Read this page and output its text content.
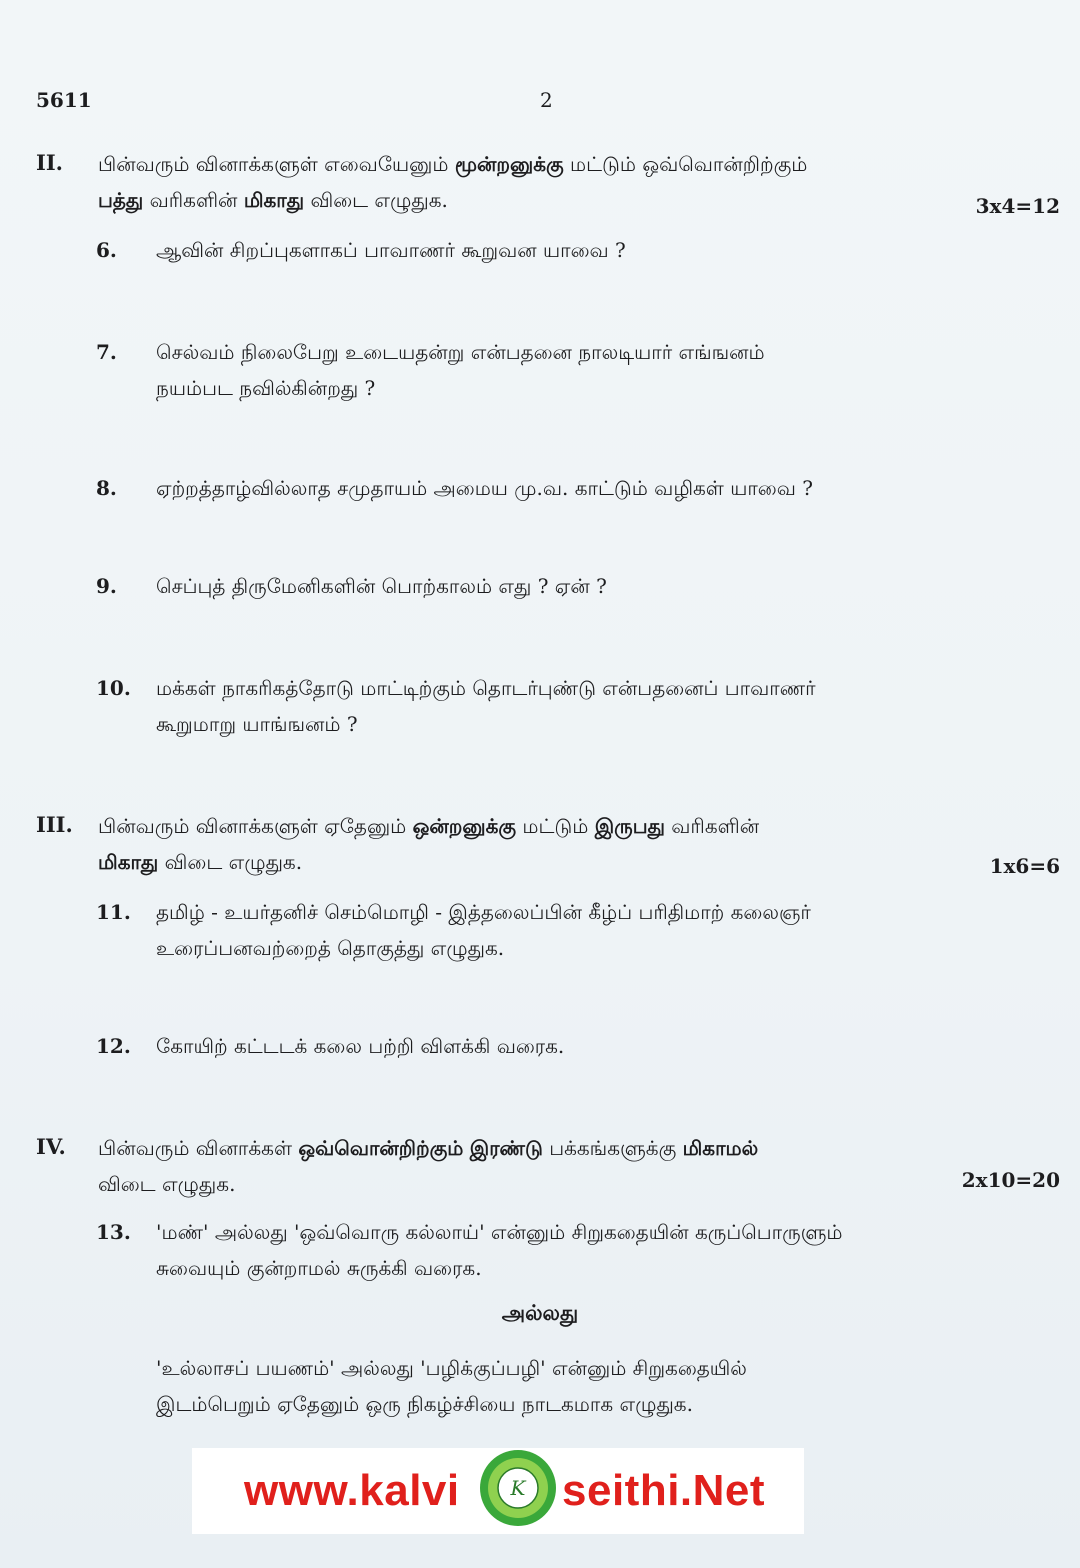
5611	2
II. பின்வரும் வினாக்களுள் எவையேனும் மூன்றனுக்கு மட்டும் ஒவ்வொன்றிற்கும்
பத்து வரிகளின் மிகாது விடை எழுதுக.	3x4=12
6. ஆவின் சிறப்புகளாகப் பாவாணர் கூறுவன யாவை ?
7. செல்வம் நிலைபேறு உடையதன்று என்பதனை நாலடியார் எங்ஙனம்
நயம்பட நவில்கின்றது ?
8. ஏற்றத்தாழ்வில்லாத சமுதாயம் அமைய மு.வ. காட்டும் வழிகள் யாவை ?
9. செப்புத் திருமேனிகளின் பொற்காலம் எது ? ஏன் ?
10. மக்கள் நாகரிகத்தோடு மாட்டிற்கும் தொடர்புண்டு என்பதனைப் பாவாணர்
கூறுமாறு யாங்ஙனம் ?
III. பின்வரும் வினாக்களுள் ஏதேனும் ஒன்றனுக்கு மட்டும் இருபது வரிகளின்
மிகாது விடை எழுதுக.	1x6=6
11. தமிழ் - உயர்தனிச் செம்மொழி - இத்தலைப்பின் கீழ்ப் பரிதிமாற் கலைஞர்
உரைப்பனவற்றைத் தொகுத்து எழுதுக.
12. கோயிற் கட்டடக் கலை பற்றி விளக்கி வரைக.
IV. பின்வரும் வினாக்கள் ஒவ்வொன்றிற்கும் இரண்டு பக்கங்களுக்கு மிகாமல்
விடை எழுதுக.	2x10=20
13. 'மண்' அல்லது 'ஒவ்வொரு கல்லாய்' என்னும் சிறுகதையின் கருப்பொருளும்
சுவையும் குன்றாமல் சுருக்கி வரைக.
அல்லது
'உல்லாசப் பயணம்' அல்லது 'பழிக்குப்பழி' என்னும் சிறுகதையில்
இடம்பெறும் ஏதேனும் ஒரு நிகழ்ச்சியை நாடகமாக எழுதுக.
www.kalvi	K seithi.Net
